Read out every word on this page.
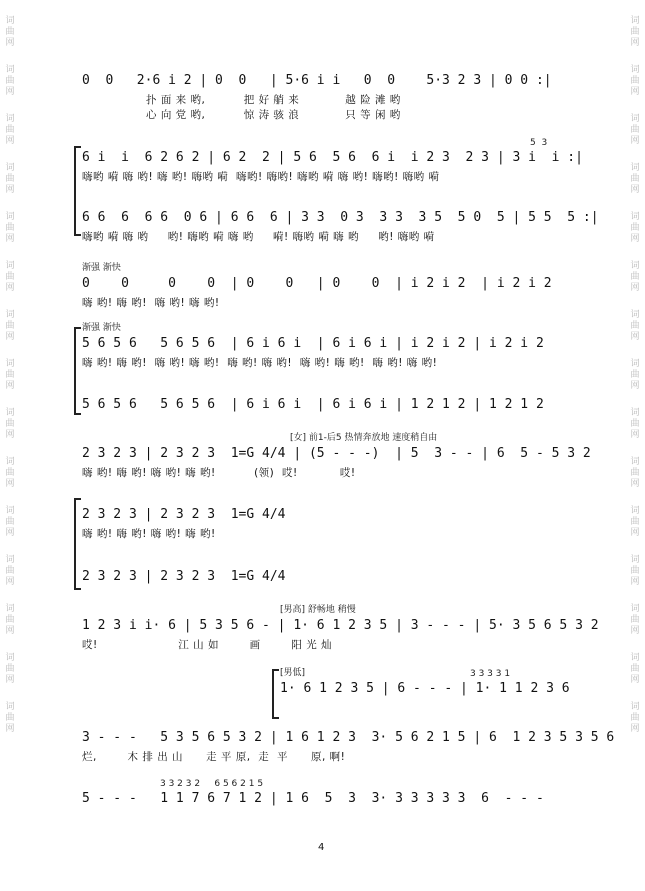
词
曲
网
词
曲
网
词
曲
网
词
曲
网
词
曲
网
词
曲
网
词
曲
网
词
曲
网
词
曲
网
词
曲
网
词
曲
网
词
曲
网
词
曲
网
词
曲
网
词
曲
网
词
曲
网
词
曲
网
词
曲
网
词
曲
网
词
曲
网
词
曲
网
词
曲
网
词
曲
网
词
曲
网
词
曲
网
词
曲
网
词
曲
网
词
曲
网
词
曲
网
词
曲
网
0  0   2·6 i 2 | 0  0   | 5·6 i i   0  0    5·3 2 3 | 0 0 :|
扑 面 来 哟,          把 好 艄 来            越 险 滩 哟
心 向 党 哟,          惊 涛 骇 浪            只 等 闲 哟
5  3
6 i  i  6 2 6 2 | 6 2  2 | 5 6  5 6  6 i  i 2 3  2 3 | 3 i  i :|
嗨哟 嗬 嗨 哟! 嗨 哟! 嗨哟 嗬  嗨哟! 嗨哟! 嗨哟 嗬 嗨 哟! 嗨哟! 嗨哟 嗬
6 6  6  6 6  0 6 | 6 6  6 | 3 3  0 3  3 3  3 5  5 0  5 | 5 5  5 :|
嗨哟 嗬 嗨 哟     哟! 嗨哟 嗬 嗨 哟     嗬! 嗨哟 嗬 嗨 哟     哟! 嗨哟 嗬
渐强 渐快
0    0     0    0  | 0    0   | 0    0  | i 2 i 2  | i 2 i 2
嗨 哟! 嗨 哟!  嗨 哟! 嗨 哟!
渐强 渐快
5 6 5 6   5 6 5 6  | 6 i 6 i  | 6 i 6 i | i 2 i 2 | i 2 i 2
嗨 哟! 嗨 哟!  嗨 哟! 嗨 哟!  嗨 哟! 嗨 哟!  嗨 哟! 嗨 哟!  嗨 哟! 嗨 哟!
5 6 5 6   5 6 5 6  | 6 i 6 i  | 6 i 6 i | 1 2 1 2 | 1 2 1 2
[女] 前1-后5 热情奔放地 速度稍自由
2 3 2 3 | 2 3 2 3  1=G 4/4 | (5 - - -)  | 5  3 - - | 6  5 - 5 3 2
嗨 哟! 嗨 哟! 嗨 哟! 嗨 哟!          (领)  哎!           哎!
2 3 2 3 | 2 3 2 3  1=G 4/4
嗨 哟! 嗨 哟! 嗨 哟! 嗨 哟!
2 3 2 3 | 2 3 2 3  1=G 4/4
[男高] 舒畅地 稍慢
1 2 3 i i· 6 | 5 3 5 6 - | 1· 6 1 2 3 5 | 3 - - - | 5· 3 5 6 5 3 2
哎!                     江 山 如        画        阳 光 灿
[男低]	3 3 3 3 1
1· 6 1 2 3 5 | 6 - - - | 1· 1 1 2 3 6
3 - - -   5 3 5 6 5 3 2 | 1 6 1 2 3  3· 5 6 2 1 5 | 6  1 2 3 5 3 5 6
烂,        木 排 出 山      走 平 原,  走  平      原, 啊!
3 3 2 3 2     6 5 6 2 1 5
5 - - -   1 1 7 6 7 1 2 | 1 6  5  3  3· 3 3 3 3 3  6  - - -
4
